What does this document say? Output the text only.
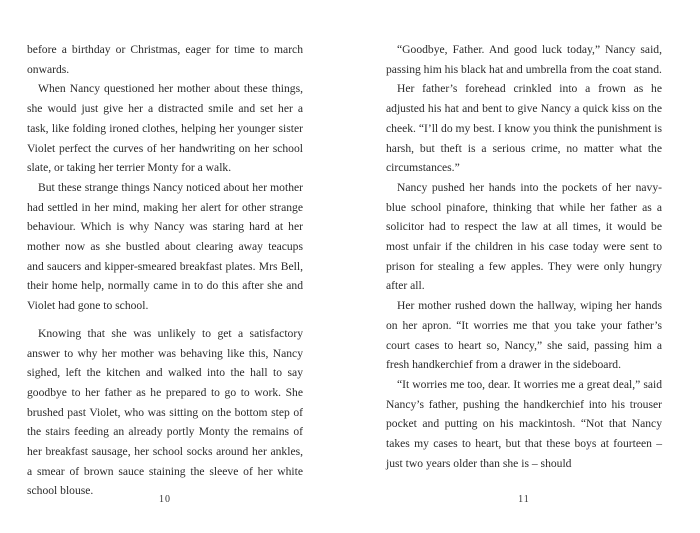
before a birthday or Christmas, eager for time to march onwards.

When Nancy questioned her mother about these things, she would just give her a distracted smile and set her a task, like folding ironed clothes, helping her younger sister Violet perfect the curves of her handwriting on her school slate, or taking her terrier Monty for a walk.

But these strange things Nancy noticed about her mother had settled in her mind, making her alert for other strange behaviour. Which is why Nancy was staring hard at her mother now as she bustled about clearing away teacups and saucers and kipper-smeared breakfast plates. Mrs Bell, their home help, normally came in to do this after she and Violet had gone to school.

Knowing that she was unlikely to get a satisfactory answer to why her mother was behaving like this, Nancy sighed, left the kitchen and walked into the hall to say goodbye to her father as he prepared to go to work. She brushed past Violet, who was sitting on the bottom step of the stairs feeding an already portly Monty the remains of her breakfast sausage, her school socks around her ankles, a smear of brown sauce staining the sleeve of her white school blouse.

10

“Goodbye, Father. And good luck today,” Nancy said, passing him his black hat and umbrella from the coat stand.

Her father’s forehead crinkled into a frown as he adjusted his hat and bent to give Nancy a quick kiss on the cheek. “I’ll do my best. I know you think the punishment is harsh, but theft is a serious crime, no matter what the circumstances.”

Nancy pushed her hands into the pockets of her navy-blue school pinafore, thinking that while her father as a solicitor had to respect the law at all times, it would be most unfair if the children in his case today were sent to prison for stealing a few apples. They were only hungry after all.

Her mother rushed down the hallway, wiping her hands on her apron. “It worries me that you take your father’s court cases to heart so, Nancy,” she said, passing him a fresh handkerchief from a drawer in the sideboard.

“It worries me too, dear. It worries me a great deal,” said Nancy’s father, pushing the handkerchief into his trouser pocket and putting on his mackintosh. “Not that Nancy takes my cases to heart, but that these boys at fourteen – just two years older than she is – should

11
